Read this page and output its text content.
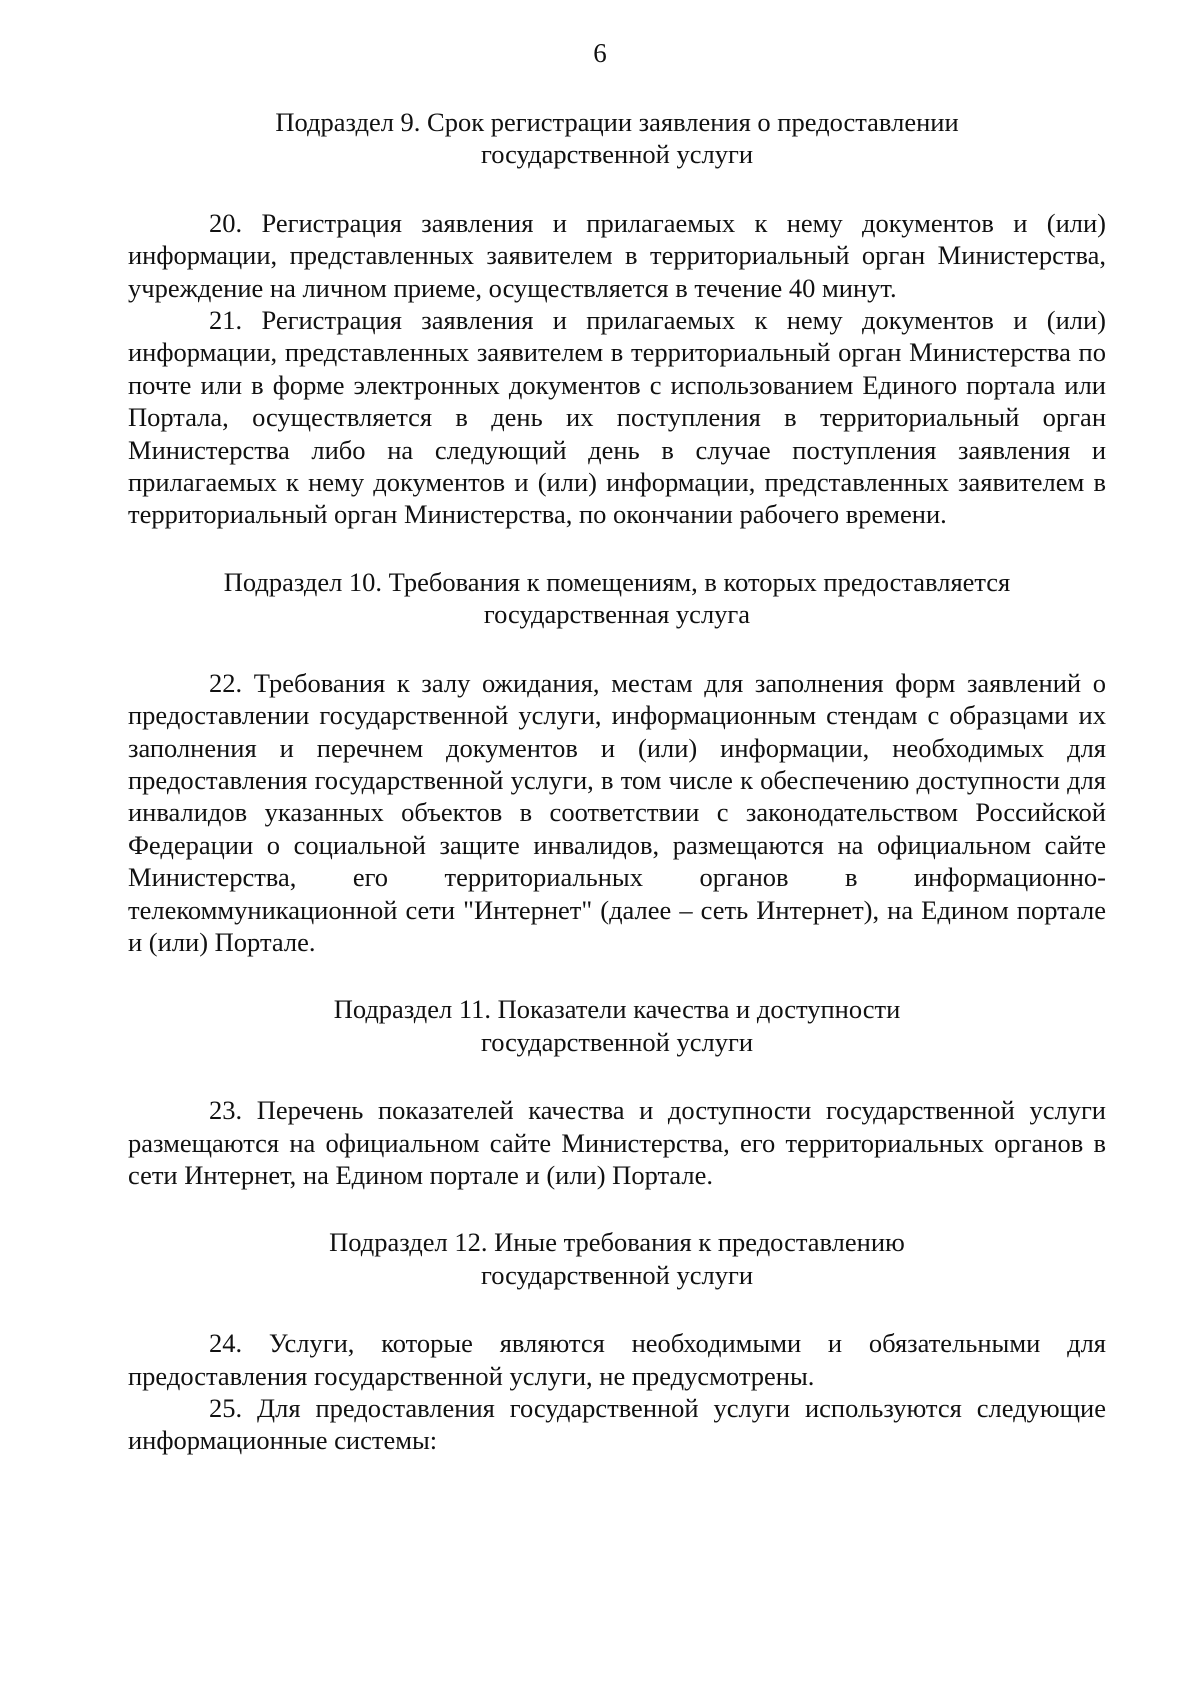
6
Подраздел 9. Срок регистрации заявления о предоставлении
государственной услуги

20. Регистрация заявления и прилагаемых к нему документов и (или) информации, представленных заявителем в территориальный орган Министерства, учреждение на личном приеме, осуществляется в течение 40 минут.

21. Регистрация заявления и прилагаемых к нему документов и (или) информации, представленных заявителем в территориальный орган Министерства по почте или в форме электронных документов с использованием Единого портала или Портала, осуществляется в день их поступления в территориальный орган Министерства либо на следующий день в случае поступления заявления и прилагаемых к нему документов и (или) информации, представленных заявителем в территориальный орган Министерства, по окончании рабочего времени.

Подраздел 10. Требования к помещениям, в которых предоставляется
государственная услуга

22. Требования к залу ожидания, местам для заполнения форм заявлений о предоставлении государственной услуги, информационным стендам с образцами их заполнения и перечнем документов и (или) информации, необходимых для предоставления государственной услуги, в том числе к обеспечению доступности для инвалидов указанных объектов в соответствии с законодательством Российской Федерации о социальной защите инвалидов, размещаются на официальном сайте Министерства, его территориальных органов в информационно-телекоммуникационной сети "Интернет" (далее – сеть Интернет), на Едином портале и (или) Портале.

Подраздел 11. Показатели качества и доступности
государственной услуги

23. Перечень показателей качества и доступности государственной услуги размещаются на официальном сайте Министерства, его территориальных органов в сети Интернет, на Едином портале и (или) Портале.

Подраздел 12. Иные требования к предоставлению
государственной услуги

24. Услуги, которые являются необходимыми и обязательными для предоставления государственной услуги, не предусмотрены.

25. Для предоставления государственной услуги используются следующие информационные системы:
